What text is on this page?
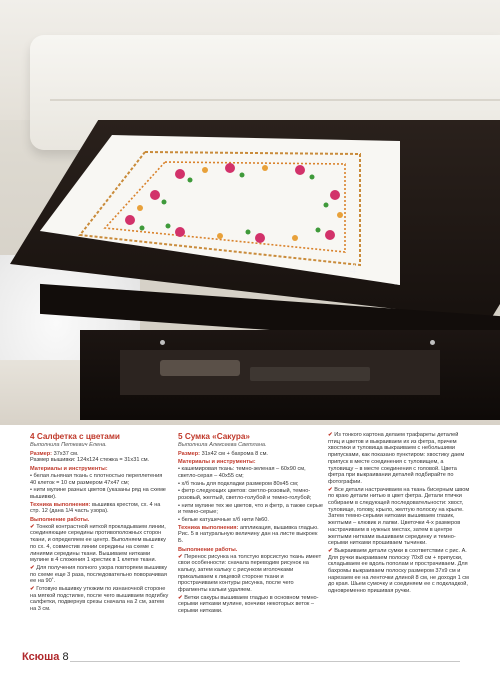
4
4 Салфетка с цветами
Выполнила Петкевич Елена.
Размер: 37х37 см.
Размер вышивки: 124х124 стежка = 31х31 см.
Материалы и инструменты:
• белая льняная ткань с плотностью переплетения 40 клеток = 10 см размером 47х47 см;
• нити мулине разных цветов (указаны ряд на схеме вышивки).
Техника выполнения: вышивка крестом, сх. 4 на стр. 12 (дана 1/4 часть узора).
Выполнение работы.
✔ Тонкой контрастной ниткой прокладываем линии, соединяющие середины противоположных сторон ткани, и определяем ее центр. Выполняем вышивку по сх. 4, совместив линии середины на схеме с линиями середины ткани. Вышиваем нитками мулине в 4 сложения 1 крестик в 1 клетке ткани.
✔ Для получения полного узора повторяем вышивку по схеме еще 3 раза, последовательно поворачивая ее на 90˚.
✔ Готовую вышивку утюжим по изнаночной стороне на мягкой подстилке, после чего вышиваем подгибку салфетки, подвернув срезы сначала на 2 см, затем на 3 см.
5 Сумка «Сакура»
Выполнила Алексеева Светлана.
Размер: 31х42 см + бахрома 8 см.
Материалы и инструменты:
• кашемировая ткань: темно-зеленая – 60х90 см, светло-серая – 40х55 см;
• х/б ткань для подкладки размером 80х45 см;
• фетр следующих цветов: светло-розовый, темно-розовый, желтый, светло-голубой и темно-голубой;
• нити мулине тех же цветов, что и фетр, а также серые и темно-серые;
• белые катушечные х/б нити №60.
Техника выполнения: аппликация, вышивка гладью. Рис. 5 в натуральную величину дан на листе выкроек Б.
Выполнение работы.
✔ Перенос рисунка на толстую ворсистую ткань имеет свои особенности: сначала переводим рисунок на кальку, затем кальку с рисунком иголочками прикалываем к лицевой стороне ткани и прострачиваем контуры рисунка, после чего фрагменты кальки удаляем.
✔ Ветки сакуры вышиваем гладью в основном темно-серыми нитками мулине, кончики некоторых веток – серыми нитками.
✔ Из тонкого картона делаем трафареты деталей птиц и цветов и выкраиваем их из фетра, причем хвостики и туловища выкраиваем с небольшими припусками, как показано пунктиром: хвостику даем припуск в месте соединения с туловищем, а туловищу – в месте соединения с головой. Цвета фетра при выкраивании деталей подбирайте по фотографии.
✔ Все детали настрачиваем на ткань бисерным швом по краю детали нитью в цвет фетра. Детали птички собираем в следующей последовательности: хвост, туловище, голову, крыло, желтую полоску на крыле. Затем темно-серыми нитками вышиваем глазик, желтыми – клювик и лапки. Цветочки 4-х размеров настрачиваем в нужных местах, затем в центре желтыми нитками вышиваем серединку и темно-серыми нитками прошиваем тычинки.
✔ Выкраиваем детали сумки в соответствии с рис. А. Для ручки выкраиваем полоску 70х8 см + припуски, складываем ее вдоль пополам и прострачиваем. Для бахромы выкраиваем полоску размером 37х9 см и нарезаем ее на ленточки длиной 8 см, не доходя 1 см до края. Шьем сумочку и соединяем ее с подкладкой, одновременно пришивая ручки.
Ксюша 8
